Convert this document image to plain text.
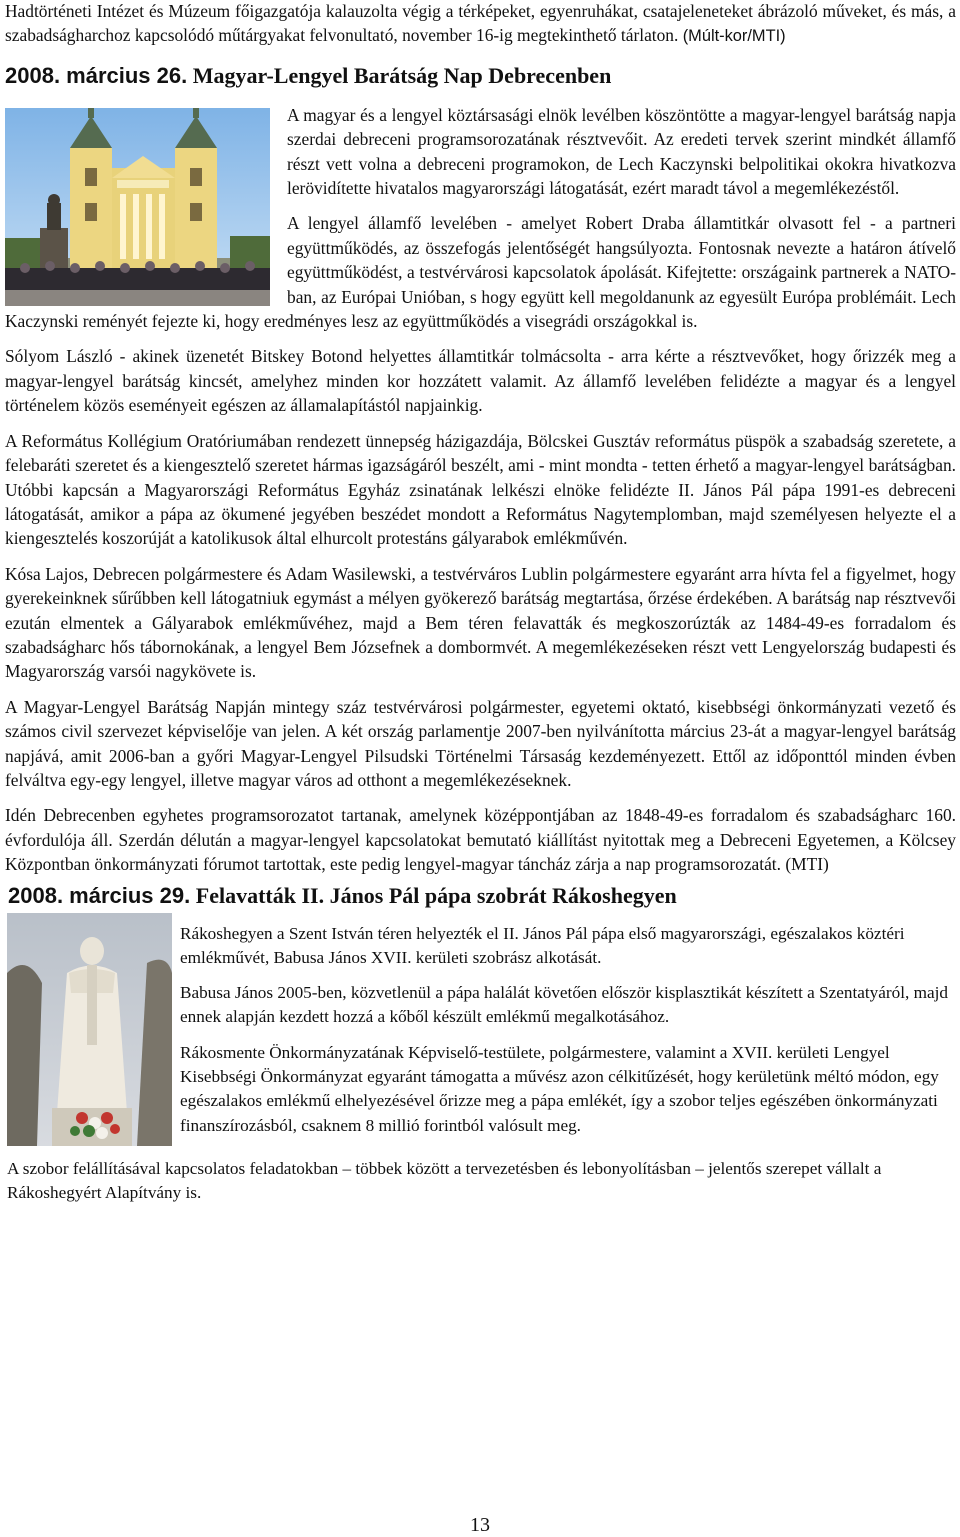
Hadtörténeti Intézet és Múzeum főigazgatója kalauzolta végig a térképeket, egyenruhákat, csatajeleneteket ábrázoló műveket, és más, a szabadságharchoz kapcsolódó műtárgyakat felvonultató, november 16-ig megtekinthető tárlaton. (Múlt-kor/MTI)

2008. március 26. Magyar-Lengyel Barátság Nap Debrecenben

A magyar és a lengyel köztársasági elnök levélben köszöntötte a magyar-lengyel barátság napja szerdai debreceni programsorozatának résztvevőit. Az eredeti tervek szerint mindkét államfő részt vett volna a debreceni programokon, de Lech Kaczynski belpolitikai okokra hivatkozva lerövidítette hivatalos magyarországi látogatását, ezért maradt távol a megemlékezéstől.

A lengyel államfő levelében - amelyet Robert Draba államtitkár olvasott fel - a partneri együttműködés, az összefogás jelentőségét hangsúlyozta. Fontosnak nevezte a határon átívelő együttműködést, a testvérvárosi kapcsolatok ápolását. Kifejtette: országaink partnerek a NATO-ban, az Európai Unióban, s hogy együtt kell megoldanunk az egyesült Európa problémáit. Lech Kaczynski reményét fejezte ki, hogy eredményes lesz az együttműködés a visegrádi országokkal is.

Sólyom László - akinek üzenetét Bitskey Botond helyettes államtitkár tolmácsolta - arra kérte a résztvevőket, hogy őrizzék meg a magyar-lengyel barátság kincsét, amelyhez minden kor hozzátett valamit. Az államfő levelében felidézte a magyar és a lengyel történelem közös eseményeit egészen az államalapítástól napjainkig.

A Református Kollégium Oratóriumában rendezett ünnepség házigazdája, Bölcskei Gusztáv református püspök a szabadság szeretete, a felebaráti szeretet és a kiengesztelő szeretet hármas igazságáról beszélt, ami - mint mondta - tetten érhető a magyar-lengyel barátságban. Utóbbi kapcsán a Magyarországi Református Egyház zsinatának lelkészi elnöke felidézte II. János Pál pápa 1991-es debreceni látogatását, amikor a pápa az ökumené jegyében beszédet mondott a Református Nagytemplomban, majd személyesen helyezte el a kiengesztelés koszorúját a katolikusok által elhurcolt protestáns gályarabok emlékművén.

Kósa Lajos, Debrecen polgármestere és Adam Wasilewski, a testvérváros Lublin polgármestere egyaránt arra hívta fel a figyelmet, hogy gyerekeinknek sűrűbben kell látogatniuk egymást a mélyen gyökerező barátság megtartása, őrzése érdekében. A barátság nap résztvevői ezután elmentek a Gályarabok emlékművéhez, majd a Bem téren felavatták és megkoszorúzták az 1484-49-es forradalom és szabadságharc hős tábornokának, a lengyel Bem Józsefnek a dombormvét. A megemlékezéseken részt vett Lengyelország budapesti és Magyarország varsói nagykövete is.

A Magyar-Lengyel Barátság Napján mintegy száz testvérvárosi polgármester, egyetemi oktató, kisebbségi önkormányzati vezető és számos civil szervezet képviselője van jelen. A két ország parlamentje 2007-ben nyilvánította március 23-át a magyar-lengyel barátság napjává, amit 2006-ban a győri Magyar-Lengyel Pilsudski Történelmi Társaság kezdeményezett. Ettől az időponttól minden évben felváltva egy-egy lengyel, illetve magyar város ad otthont a megemlékezéseknek.

Idén Debrecenben egyhetes programsorozatot tartanak, amelynek középpontjában az 1848-49-es forradalom és szabadságharc 160. évfordulója áll. Szerdán délután a magyar-lengyel kapcsolatokat bemutató kiállítást nyitottak meg a Debreceni Egyetemen, a Kölcsey Központban önkormányzati fórumot tartottak, este pedig lengyel-magyar táncház zárja a nap programsorozatát. (MTI)

2008. március 29. Felavatták II. János Pál pápa szobrát Rákoshegyen

Rákoshegyen a Szent István téren helyezték el II. János Pál pápa első magyarországi, egészalakos köztéri emlékművét, Babusa János XVII. kerületi szobrász alkotását.

Babusa János 2005-ben, közvetlenül a pápa halálát követően először kisplasztikát készített a Szentatyáról, majd ennek alapján kezdett hozzá a kőből készült emlékmű megalkotásához.

Rákosmente Önkormányzatának Képviselő-testülete, polgármestere, valamint a XVII. kerületi Lengyel Kisebbségi Önkormányzat egyaránt támogatta a művész azon célkitűzését, hogy kerületünk méltó módon, egy egészalakos emlékmű elhelyezésével őrizze meg a pápa emlékét, így a szobor teljes egészében önkormányzati finanszírozásból, csaknem 8 millió forintból valósult meg.

A szobor felállításával kapcsolatos feladatokban – többek között a tervezetésben és lebonyolításban – jelentős szerepet vállalt a Rákoshegyért Alapítvány is.

13
